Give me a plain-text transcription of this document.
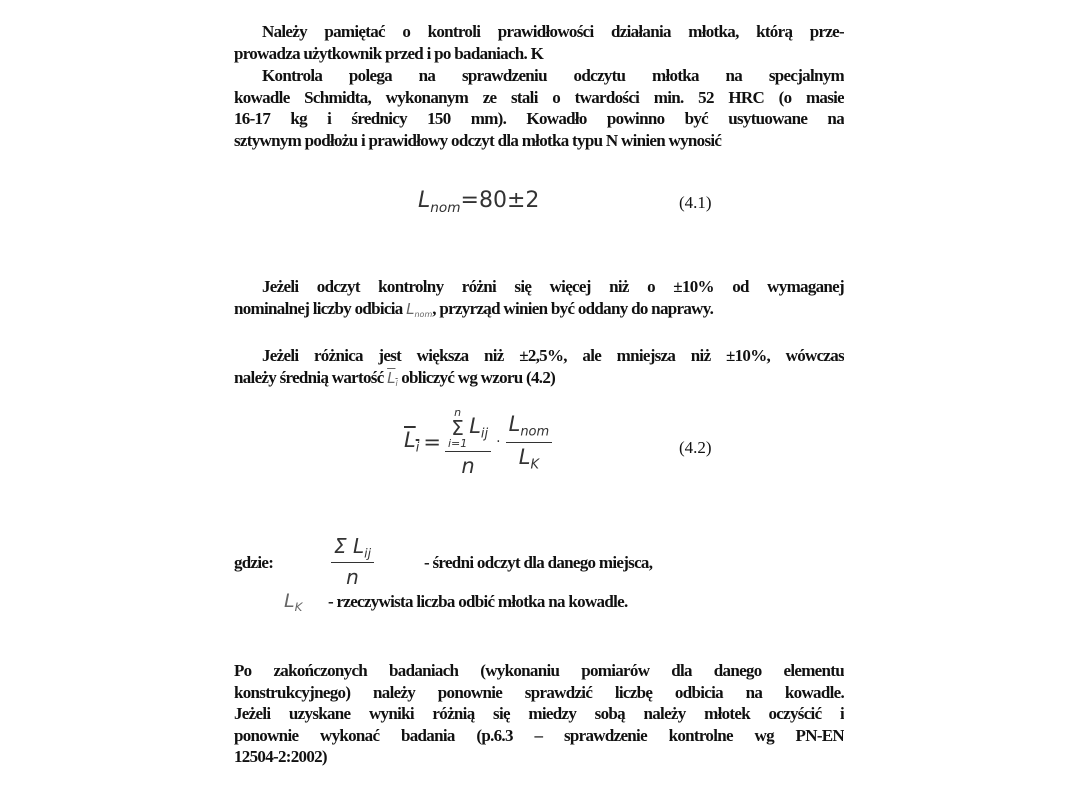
Należy pamiętać o kontroli prawidłowości działania młotka, którą prze-
prowadza użytkownik przed i po badaniach. K
Kontrola polega na sprawdzeniu odczytu młotka na specjalnym
kowadle Schmidta, wykonanym ze stali o twardości min. 52 HRC (o masie
16-17 kg i średnicy 150 mm). Kowadło powinno być usytuowane na
sztywnym podłożu i prawidłowy odczyt dla młotka typu N winien wynosić
$L_{nom}=80\pm 2$	(4.1)
Jeżeli odczyt kontrolny różni się więcej niż o ±10% od wymaganej
nominalnej liczby odbicia $L_{nom}$, przyrząd winien być oddany do naprawy.
Jeżeli różnica jest większa niż ±2,5%, ale mniejsza niż ±10%, wówczas
należy średnią wartość $L_i$ obliczyć wg wzoru (4.2)
$L_i = n$
Σ
i=1
$L_{ij}$
$n \cdot \frac{L_{nom}}{L_K}$	(4.2)
gdzie:	$\frac{\Sigma L_{ij}}{n}$	- średni odczyt dla danego miejsca,
$L_K$ - rzeczywista liczba odbić młotka na kowadle.
Po zakończonych badaniach (wykonaniu pomiarów dla danego elementu
konstrukcyjnego) należy ponownie sprawdzić liczbę odbicia na kowadle.
Jeżeli uzyskane wyniki różnią się miedzy sobą należy młotek oczyścić i
ponownie wykonać badania (p.6.3 – sprawdzenie kontrolne wg PN-EN
12504-2:2002)
